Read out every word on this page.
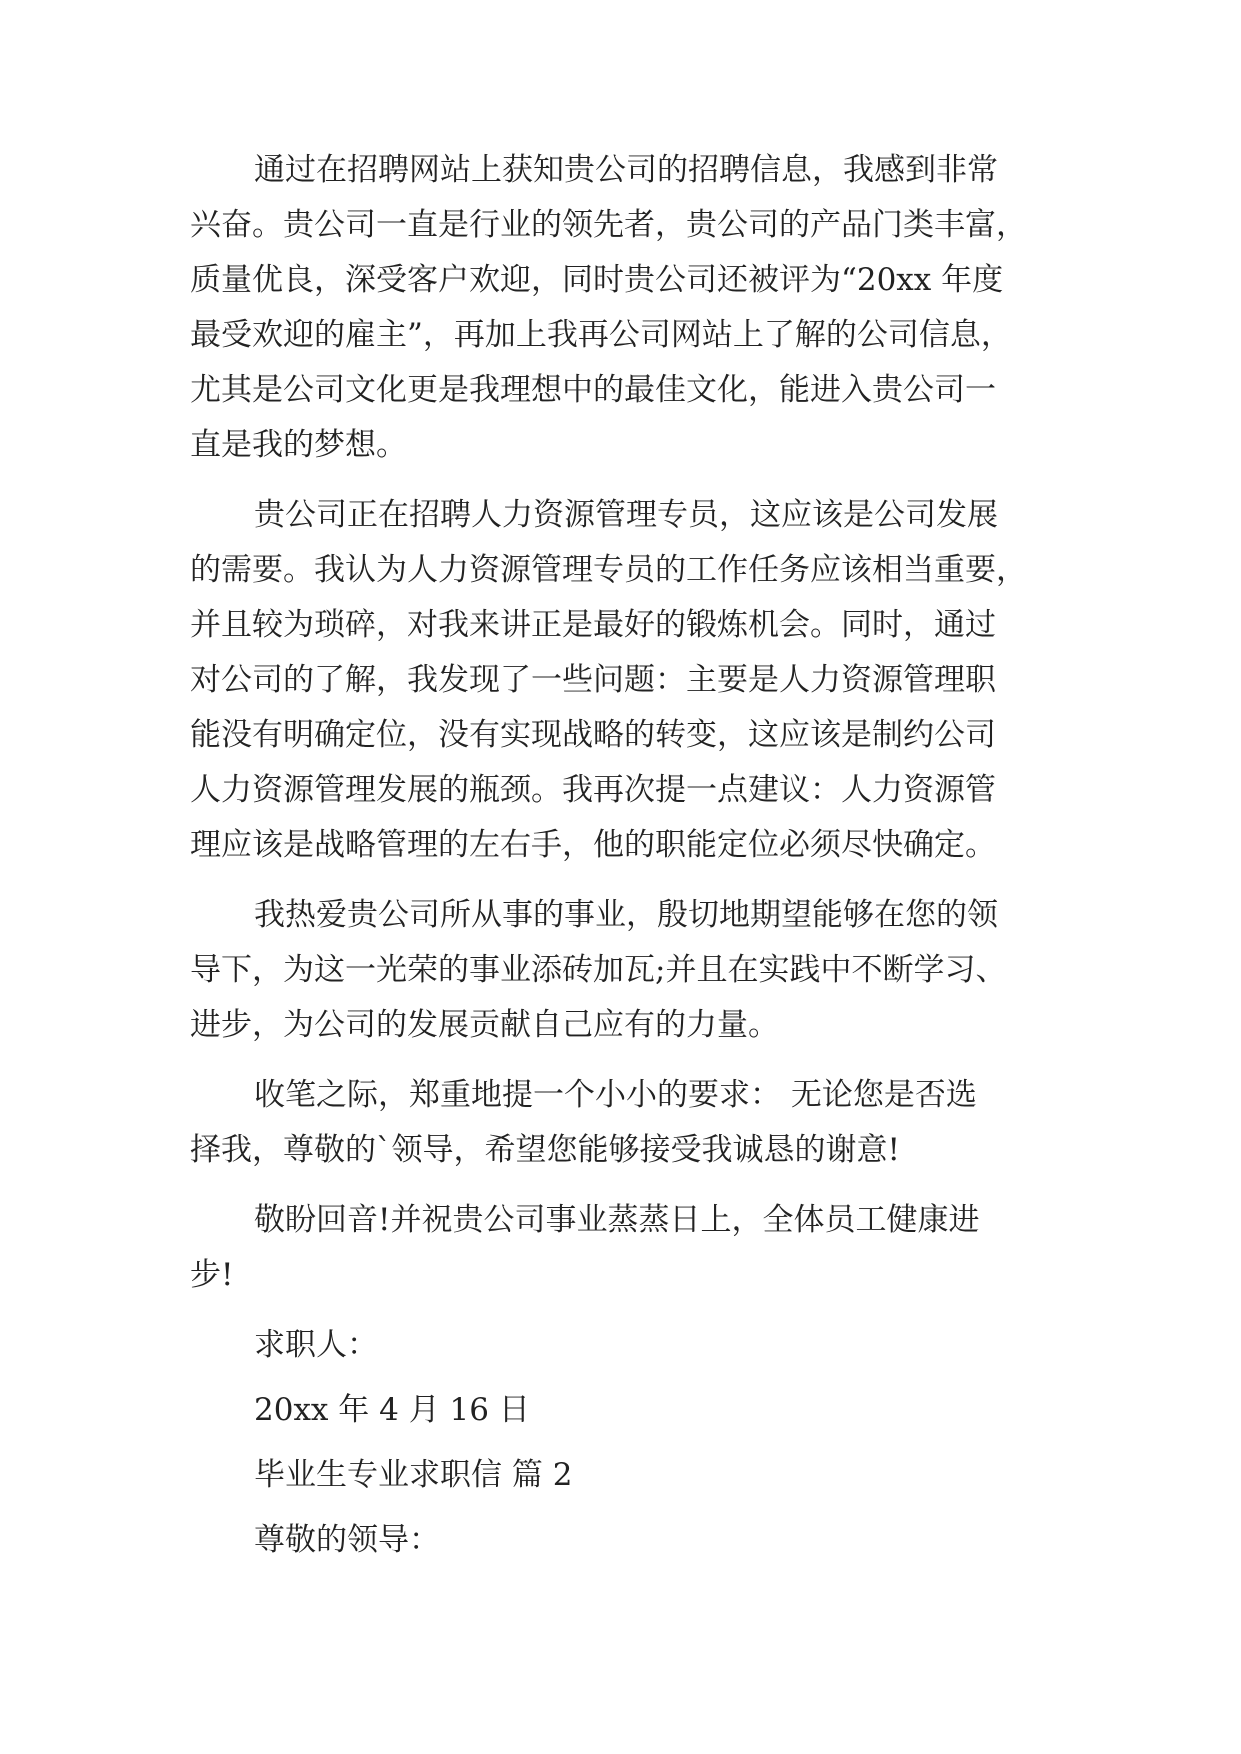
通过在招聘网站上获知贵公司的招聘信息，我感到非常
兴奋。贵公司一直是行业的领先者，贵公司的产品门类丰富，
质量优良，深受客户欢迎，同时贵公司还被评为“20xx 年度
最受欢迎的雇主”，再加上我再公司网站上了解的公司信息，
尤其是公司文化更是我理想中的最佳文化，能进入贵公司一
直是我的梦想。
贵公司正在招聘人力资源管理专员，这应该是公司发展
的需要。我认为人力资源管理专员的工作任务应该相当重要，
并且较为琐碎，对我来讲正是最好的锻炼机会。同时，通过
对公司的了解，我发现了一些问题：主要是人力资源管理职
能没有明确定位，没有实现战略的转变，这应该是制约公司
人力资源管理发展的瓶颈。我再次提一点建议：人力资源管
理应该是战略管理的左右手，他的职能定位必须尽快确定。
我热爱贵公司所从事的事业，殷切地期望能够在您的领
导下，为这一光荣的事业添砖加瓦;并且在实践中不断学习、
进步，为公司的发展贡献自己应有的力量。
收笔之际，郑重地提一个小小的要求： 无论您是否选
择我，尊敬的`领导，希望您能够接受我诚恳的谢意!
敬盼回音!并祝贵公司事业蒸蒸日上，全体员工健康进
步!
求职人：
20xx 年 4 月 16 日
毕业生专业求职信 篇 2
尊敬的领导：
